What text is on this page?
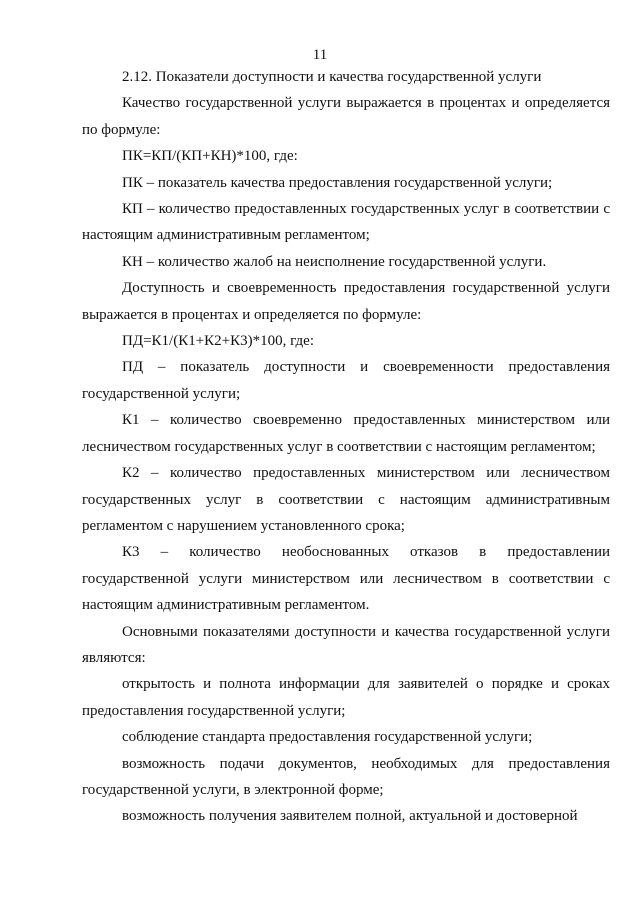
11

2.12. Показатели доступности и качества государственной услуги

Качество государственной услуги выражается в процентах и определяется по формуле:

ПК=КП/(КП+КН)*100, где:

ПК – показатель качества предоставления государственной услуги;

КП – количество предоставленных государственных услуг в соответствии с настоящим административным регламентом;

КН – количество жалоб на неисполнение государственной услуги.

Доступность и своевременность предоставления государственной услуги выражается в процентах и определяется по формуле:

ПД=К1/(К1+К2+К3)*100, где:

ПД – показатель доступности и своевременности предоставления государственной услуги;

К1 – количество своевременно предоставленных министерством или лесничеством государственных услуг в соответствии с настоящим регламентом;

К2 – количество предоставленных министерством или лесничеством государственных услуг в соответствии с настоящим административным регламентом с нарушением установленного срока;

К3 – количество необоснованных отказов в предоставлении государственной услуги министерством или лесничеством в соответствии с настоящим административным регламентом.

Основными показателями доступности и качества государственной услуги являются:

открытость и полнота информации для заявителей о порядке и сроках предоставления государственной услуги;

соблюдение стандарта предоставления государственной услуги;

возможность подачи документов, необходимых для предоставления государственной услуги, в электронной форме;

возможность получения заявителем полной, актуальной и достоверной
